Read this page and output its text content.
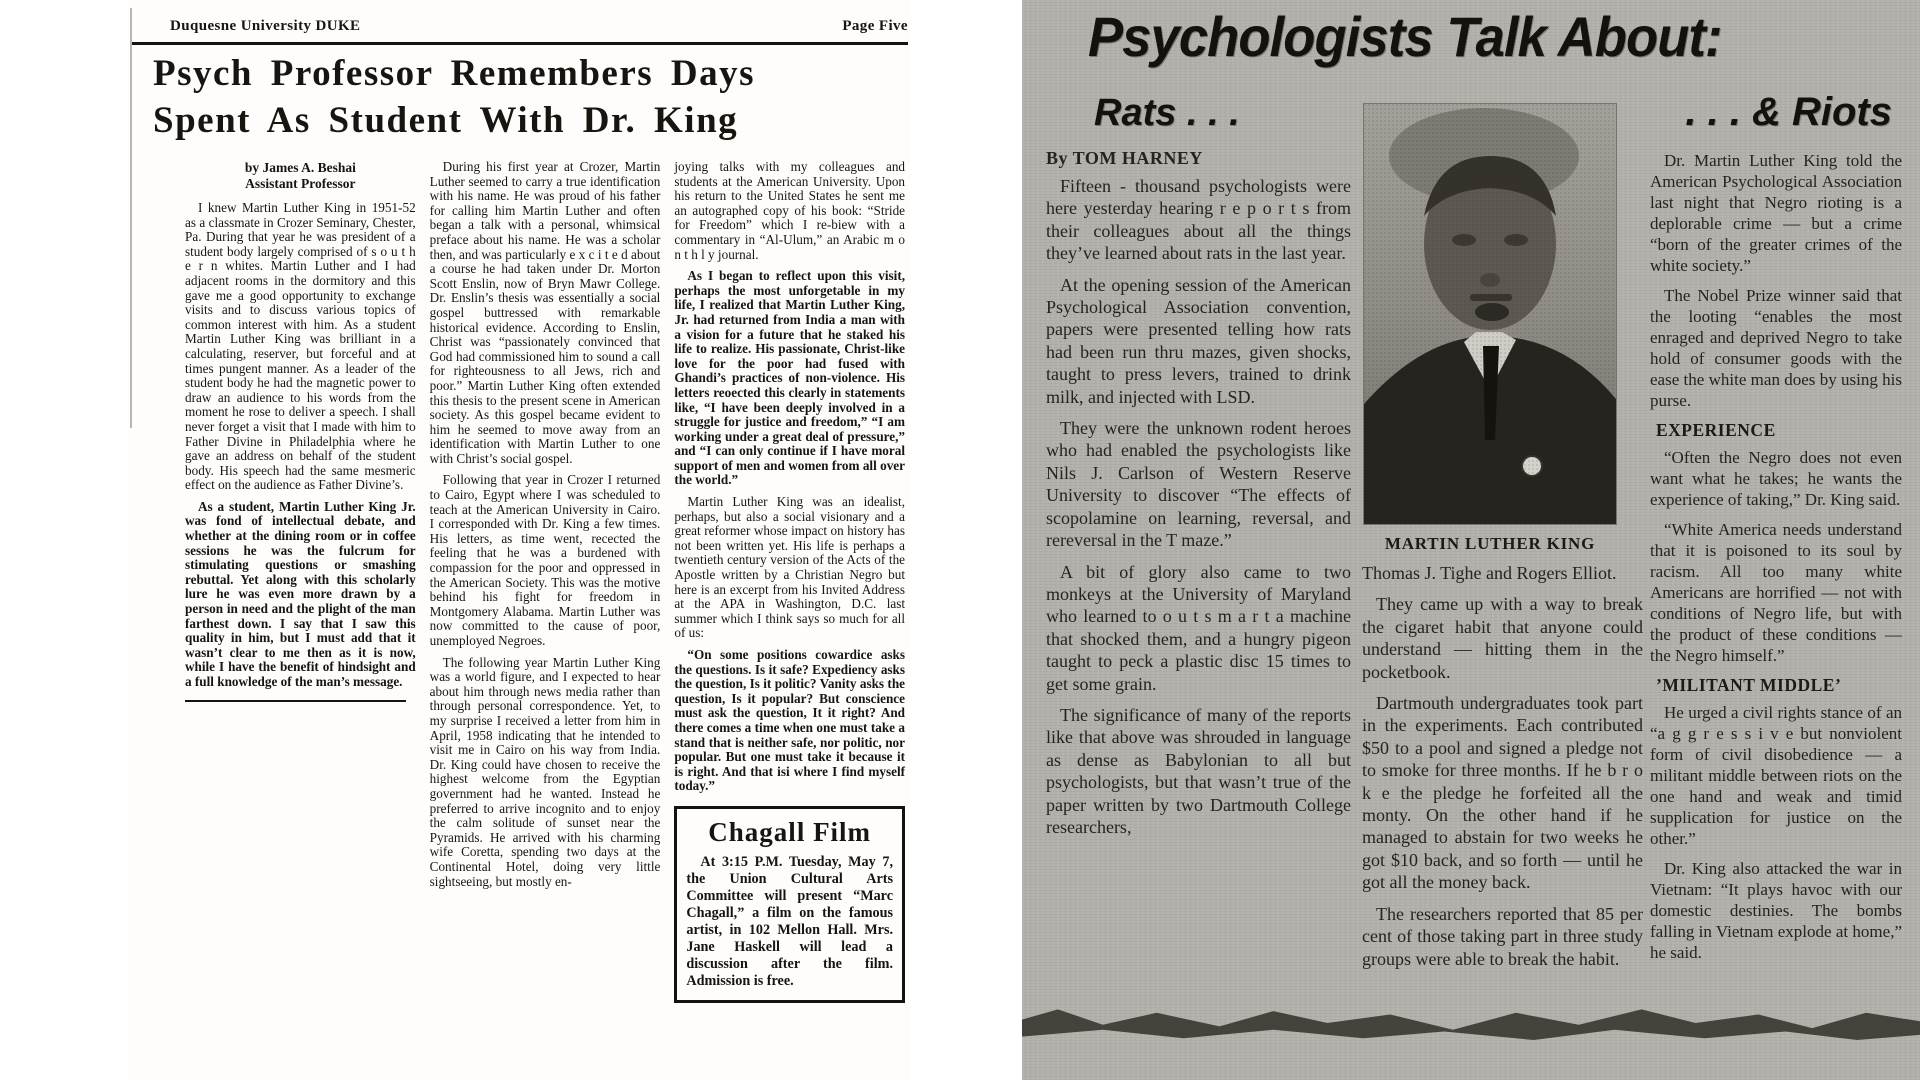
Duquesne University DUKE	Page Five
Psych Professor Remembers Days
Spent As Student With Dr. King
by James A. Beshai
Assistant Professor

I knew Martin Luther King in 1951-52 as a classmate in Crozer Seminary, Chester, Pa. During that year he was president of a student body largely comprised of s o u t h e r n whites. Martin Luther and I had adjacent rooms in the dormitory and this gave me a good opportunity to exchange visits and to discuss various topics of common interest with him. As a student Martin Luther King was brilliant in a calculating, reserver, but forceful and at times pungent manner. As a leader of the student body he had the magnetic power to draw an audience to his words from the moment he rose to deliver a speech. I shall never forget a visit that I made with him to Father Divine in Philadelphia where he gave an address on behalf of the student body. His speech had the same mesmeric effect on the audience as Father Divine’s.

As a student, Martin Luther King Jr. was fond of intellectual debate, and whether at the dining room or in coffee sessions he was the fulcrum for stimulating questions or smashing rebuttal. Yet along with this scholarly lure he was even more drawn by a person in need and the plight of the man farthest down. I say that I saw this quality in him, but I must add that it wasn’t clear to me then as it is now, while I have the benefit of hindsight and a full knowledge of the man’s message.

During his first year at Crozer, Martin Luther seemed to carry a true identification with his name. He was proud of his father for calling him Martin Luther and often began a talk with a personal, whimsical preface about his name. He was a scholar then, and was particularly e x c i t e d about a course he had taken under Dr. Morton Scott Enslin, now of Bryn Mawr College. Dr. Enslin’s thesis was essentially a social gospel buttressed with remarkable historical evidence. According to Enslin, Christ was “passionately convinced that God had commissioned him to sound a call for righteousness to all Jews, rich and poor.” Martin Luther King often extended this thesis to the present scene in American society. As this gospel became evident to him he seemed to move away from an identification with Martin Luther to one with Christ’s social gospel.

Following that year in Crozer I returned to Cairo, Egypt where I was scheduled to teach at the American University in Cairo. I corresponded with Dr. King a few times. His letters, as time went, recected the feeling that he was a burdened with compassion for the poor and oppressed in the American Society. This was the motive behind his fight for freedom in Montgomery Alabama. Martin Luther was now committed to the cause of poor, unemployed Negroes.

The following year Martin Luther King was a world figure, and I expected to hear about him through news media rather than through personal correspondence. Yet, to my surprise I received a letter from him in April, 1958 indicating that he intended to visit me in Cairo on his way from India. Dr. King could have chosen to receive the highest welcome from the Egyptian government had he wanted. Instead he preferred to arrive incognito and to enjoy the calm solitude of sunset near the Pyramids. He arrived with his charming wife Coretta, spending two days at the Continental Hotel, doing very little sightseeing, but mostly en-

joying talks with my colleagues and students at the American University. Upon his return to the United States he sent me an autographed copy of his book: “Stride for Freedom” which I re-biew with a commentary in “Al-Ulum,” an Arabic m o n t h l y journal.

As I began to reflect upon this visit, perhaps the most unforgetable in my life, I realized that Martin Luther King, Jr. had returned from India a man with a vision for a future that he staked his life to realize. His passionate, Christ-like love for the poor had fused with Ghandi’s practices of non-violence. His letters reoected this clearly in statements like, “I have been deeply involved in a struggle for justice and freedom,” “I am working under a great deal of pressure,” and “I can only continue if I have moral support of men and women from all over the world.”

Martin Luther King was an idealist, perhaps, but also a social visionary and a great reformer whose impact on history has not been written yet. His life is perhaps a twentieth century version of the Acts of the Apostle written by a Christian Negro but here is an excerpt from his Invited Address at the APA in Washington, D.C. last summer which I think says so much for all of us:

“On some positions cowardice asks the questions. Is it safe? Expediency asks the question, Is it politic? Vanity asks the question, Is it popular? But conscience must ask the question, It it right? And there comes a time when one must take a stand that is neither safe, nor politic, nor popular. But one must take it because it is right. And that isi where I find myself today.”

Chagall Film

At 3:15 P.M. Tuesday, May 7, the Union Cultural Arts Committee will present “Marc Chagall,” a film on the famous artist, in 102 Mellon Hall. Mrs. Jane Haskell will lead a discussion after the film. Admission is free.

Psychologists Talk About:
Rats . . .	. . . & Riots
MARTIN LUTHER KING
By TOM HARNEY

Fifteen - thousand psychologists were here yesterday hearing r e p o r t s from their colleagues about all the things they’ve learned about rats in the last year.

At the opening session of the American Psychological Association convention, papers were presented telling how rats had been run thru mazes, given shocks, taught to press levers, trained to drink milk, and injected with LSD.

They were the unknown rodent heroes who had enabled the psychologists like Nils J. Carlson of Western Reserve University to discover “The effects of scopolamine on learning, reversal, and rereversal in the T maze.”

A bit of glory also came to two monkeys at the University of Maryland who learned to o u t s m a r t a machine that shocked them, and a hungry pigeon taught to peck a plastic disc 15 times to get some grain.

The significance of many of the reports like that above was shrouded in language as dense as Babylonian to all but psychologists, but that wasn’t true of the paper written by two Dartmouth College researchers,

Thomas J. Tighe and Rogers Elliot.

They came up with a way to break the cigaret habit that anyone could understand — hitting them in the pocketbook.

Dartmouth undergraduates took part in the experiments. Each contributed $50 to a pool and signed a pledge not to smoke for three months. If he b r o k e the pledge he forfeited all the monty. On the other hand if he managed to abstain for two weeks he got $10 back, and so forth — until he got all the money back.

The researchers reported that 85 per cent of those taking part in three study groups were able to break the habit.

Dr. Martin Luther King told the American Psychological Association last night that Negro rioting is a deplorable crime — but a crime “born of the greater crimes of the white society.”

The Nobel Prize winner said that the looting “enables the most enraged and deprived Negro to take hold of consumer goods with the ease the white man does by using his purse.

EXPERIENCE

“Often the Negro does not even want what he takes; he wants the experience of taking,” Dr. King said.

“White America needs understand that it is poisoned to its soul by racism. All too many white Americans are horrified — not with conditions of Negro life, but with the product of these conditions — the Negro himself.”

’MILITANT MIDDLE’

He urged a civil rights stance of an “a g g r e s s i v e but nonviolent form of civil disobedience — a militant middle between riots on the one hand and weak and timid supplication for justice on the other.”

Dr. King also attacked the war in Vietnam: “It plays havoc with our domestic destinies. The bombs falling in Vietnam explode at home,” he said.
